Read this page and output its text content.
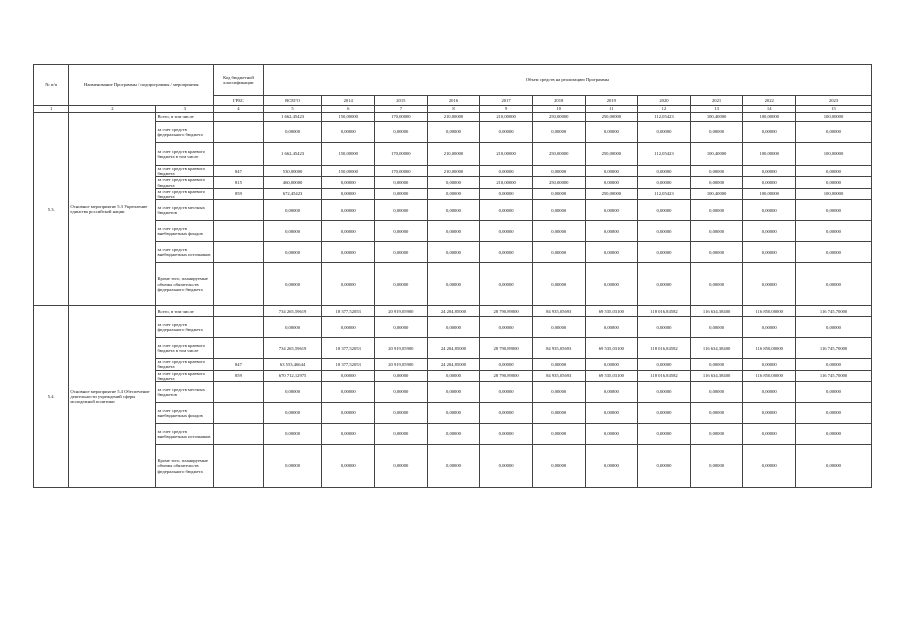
№ п/п	Наименование Программы / подпрограммы / мероприятия		Код бюджетной классификации	Объем средств на реализацию Программы										
			ГРБС	ВСЕГО	2014	2015	2016	2017	2018	2019	2020	2021	2022	2023
1	2	3	4	5	6	7	8	9	10	11	12	13	14	15
5.3.	Основное мероприятие 5.3 Укрепление единства российской нации	Всего, в том числе		1 662,45423	150,00000	170,00000	210,00000	210,00000	250,00000	250,00000	112,05423	100,40000	100,00000	100,00000
		за счет средств федерального бюджета		0,00000	0,00000	0,00000	0,00000	0,00000	0,00000	0,00000	0,00000	0,00000	0,00000	0,00000
		за счет средств краевого бюджета в том числе		1 662,45423	150,00000	170,00000	210,00000	210,00000	250,00000	250,00000	112,05423	100,40000	100,00000	100,00000
		за счет средств краевого бюджета	847	530,00000	150,00000	170,00000	210,00000	0,00000	0,00000	0,00000	0,00000	0,00000	0,00000	0,00000
		за счет средств краевого бюджета	815	460,00000	0,00000	0,00000	0,00000	210,00000	250,00000	0,00000	0,00000	0,00000	0,00000	0,00000
		за счет средств краевого бюджета	859	672,45423	0,00000	0,00000	0,00000	0,00000	0,00000	250,00000	112,05423	100,40000	100,00000	100,00000
		за счет средств местных бюджетов		0,00000	0,00000	0,00000	0,00000	0,00000	0,00000	0,00000	0,00000	0,00000	0,00000	0,00000
		за счет средств внебюджетных фондов		0,00000	0,00000	0,00000	0,00000	0,00000	0,00000	0,00000	0,00000	0,00000	0,00000	0,00000
		за счет средств внебюджетных источников		0,00000	0,00000	0,00000	0,00000	0,00000	0,00000	0,00000	0,00000	0,00000	0,00000	0,00000
		Кроме того, планируемые объемы обязательств федерального бюджета		0,00000	0,00000	0,00000	0,00000	0,00000	0,00000	0,00000	0,00000	0,00000	0,00000	0,00000
5.4.	Основное мероприятие 5.4 Обеспечение деятельности учреждений сферы молодежной политики	Всего, в том числе		734 265,59619	18 377,52053	20 919,05900	24 204,85000	28 790,89000	84 935,05693	69 535,03100	118 016,84582	116 634,38400	116 850,00000	116 745,70000
		за счет средств федерального бюджета		0,00000	0,00000	0,00000	0,00000	0,00000	0,00000	0,00000	0,00000	0,00000	0,00000	0,00000
		за счет средств краевого бюджета в том числе		734 265,59619	18 377,52053	20 919,05900	24 204,85000	28 790,89000	84 935,05693	69 535,03100	118 016,84582	116 634,38400	116 850,00000	116 745,70000
		за счет средств краевого бюджета	847	63 553,46644	18 377,52053	20 919,05900	24 204,85000	0,00000	0,00000	0,00000	0,00000	0,00000	0,00000	0,00000
		за счет средств краевого бюджета	859	670 712,12975	0,00000	0,00000	0,00000	28 790,89000	84 935,05693	69 535,03100	118 016,84582	116 634,38400	116 850,00000	116 745,70000
		за счет средств местных бюджетов		0,00000	0,00000	0,00000	0,00000	0,00000	0,00000	0,00000	0,00000	0,00000	0,00000	0,00000
		за счет средств внебюджетных фондов		0,00000	0,00000	0,00000	0,00000	0,00000	0,00000	0,00000	0,00000	0,00000	0,00000	0,00000
		за счет средств внебюджетных источников		0,00000	0,00000	0,00000	0,00000	0,00000	0,00000	0,00000	0,00000	0,00000	0,00000	0,00000
		Кроме того, планируемые объемы обязательств федерального бюджета		0,00000	0,00000	0,00000	0,00000	0,00000	0,00000	0,00000	0,00000	0,00000	0,00000	0,00000
